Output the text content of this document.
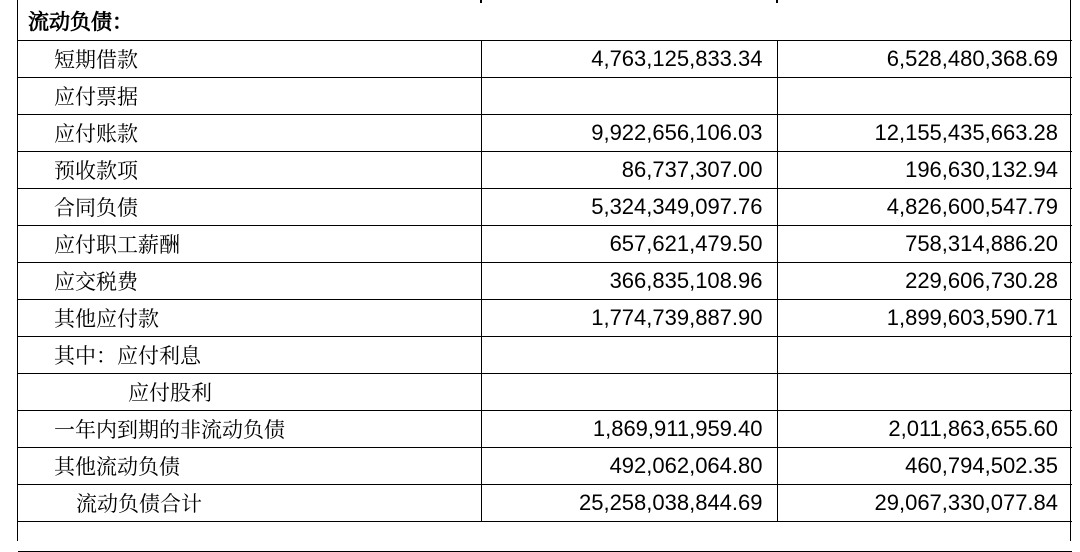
流动负债：		
短期借款	4,763,125,833.34	6,528,480,368.69
应付票据		
应付账款	9,922,656,106.03	12,155,435,663.28
预收款项	86,737,307.00	196,630,132.94
合同负债	5,324,349,097.76	4,826,600,547.79
应付职工薪酬	657,621,479.50	758,314,886.20
应交税费	366,835,108.96	229,606,730.28
其他应付款	1,774,739,887.90	1,899,603,590.71
其中：应付利息		
应付股利		
一年内到期的非流动负债	1,869,911,959.40	2,011,863,655.60
其他流动负债	492,062,064.80	460,794,502.35
流动负债合计	25,258,038,844.69	29,067,330,077.84
